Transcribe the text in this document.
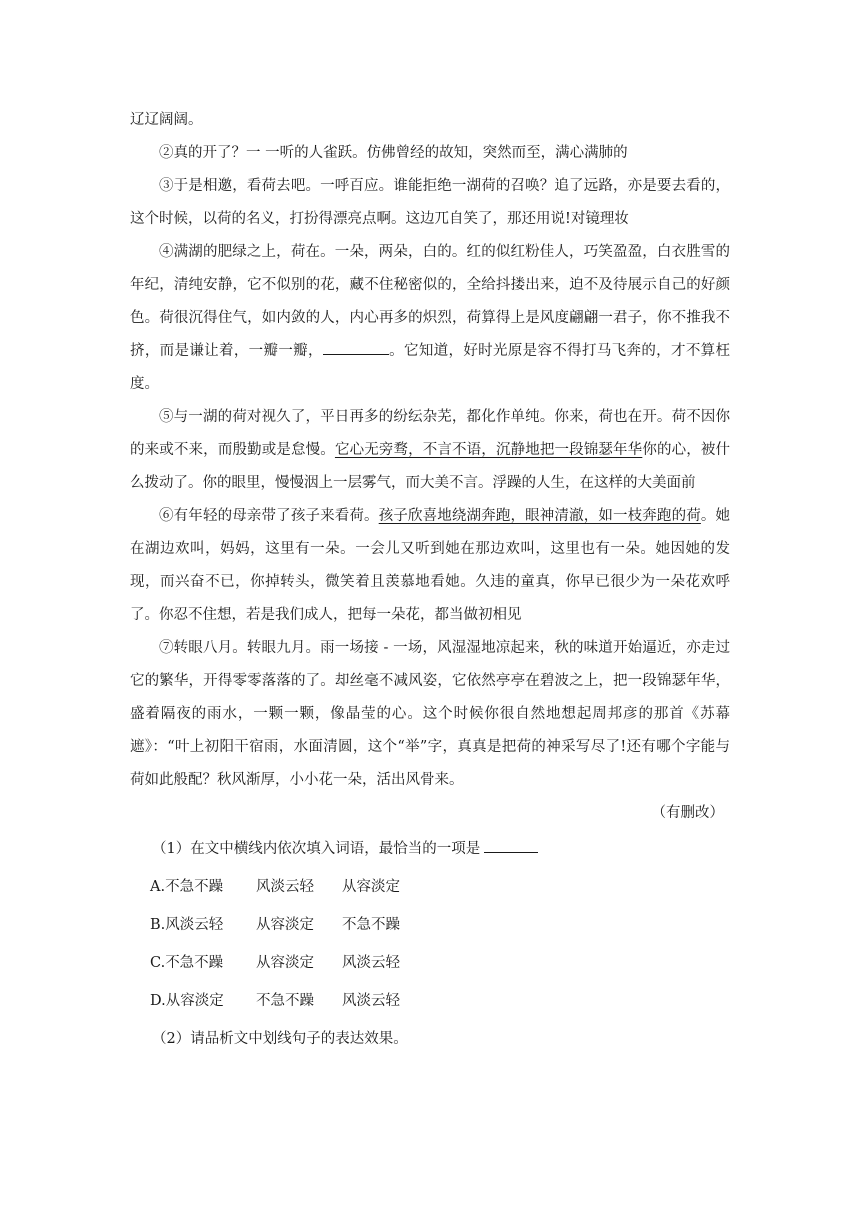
辽辽阔阔。

②真的开了？一 一听的人雀跃。仿佛曾经的故知，突然而至，满心满肺的

③于是相邀，看荷去吧。一呼百应。谁能拒绝一湖荷的召唤？追了远路，亦是要去看的，这个时候，以荷的名义，打扮得漂亮点啊。这边兀自笑了，那还用说!对镜理妆

④满湖的肥绿之上，荷在。一朵，两朵，白的。红的似红粉佳人，巧笑盈盈，白衣胜雪的年纪，清纯安静，它不似别的花，藏不住秘密似的，全给抖搂出来，迫不及待展示自己的好颜色。荷很沉得住气，如内敛的人，内心再多的炽烈，荷算得上是风度翩翩一君子，你不推我不挤，而是谦让着，一瓣一瓣，	。它知道，好时光原是容不得打马飞奔的，才不算枉度。

⑤与一湖的荷对视久了，平日再多的纷纭杂芜，都化作单纯。你来，荷也在开。荷不因你的来或不来，而殷勤或是怠慢。它心无旁骛，不言不语，沉静地把一段锦瑟年华你的心，被什么拨动了。你的眼里，慢慢洇上一层雾气，而大美不言。浮躁的人生，在这样的大美面前

⑥有年轻的母亲带了孩子来看荷。孩子欣喜地绕湖奔跑，眼神清澈，如一枝奔跑的荷。她在湖边欢叫，妈妈，这里有一朵。一会儿又听到她在那边欢叫，这里也有一朵。她因她的发现，而兴奋不已，你掉转头，微笑着且羡慕地看她。久违的童真，你早已很少为一朵花欢呼了。你忍不住想，若是我们成人，把每一朵花，都当做初相见

⑦转眼八月。转眼九月。雨一场接 - 一场，风湿湿地凉起来，秋的味道开始逼近，亦走过它的繁华，开得零零落落的了。却丝毫不减风姿，它依然亭亭在碧波之上，把一段锦瑟年华，盛着隔夜的雨水，一颗一颗，像晶莹的心。这个时候你很自然地想起周邦彦的那首《苏幕遮》：“叶上初阳干宿雨，水面清圆，这个“举”字，真真是把荷的神采写尽了!还有哪个字能与荷如此般配？秋风渐厚，小小花一朵，活出风骨来。

（有删改）

（1）在文中横线内依次填入词语，最恰当的一项是

A.不急不躁 风淡云轻 从容淡定

B.风淡云轻 从容淡定 不急不躁

C.不急不躁 从容淡定 风淡云轻

D.从容淡定 不急不躁 风淡云轻

（2）请品析文中划线句子的表达效果。
